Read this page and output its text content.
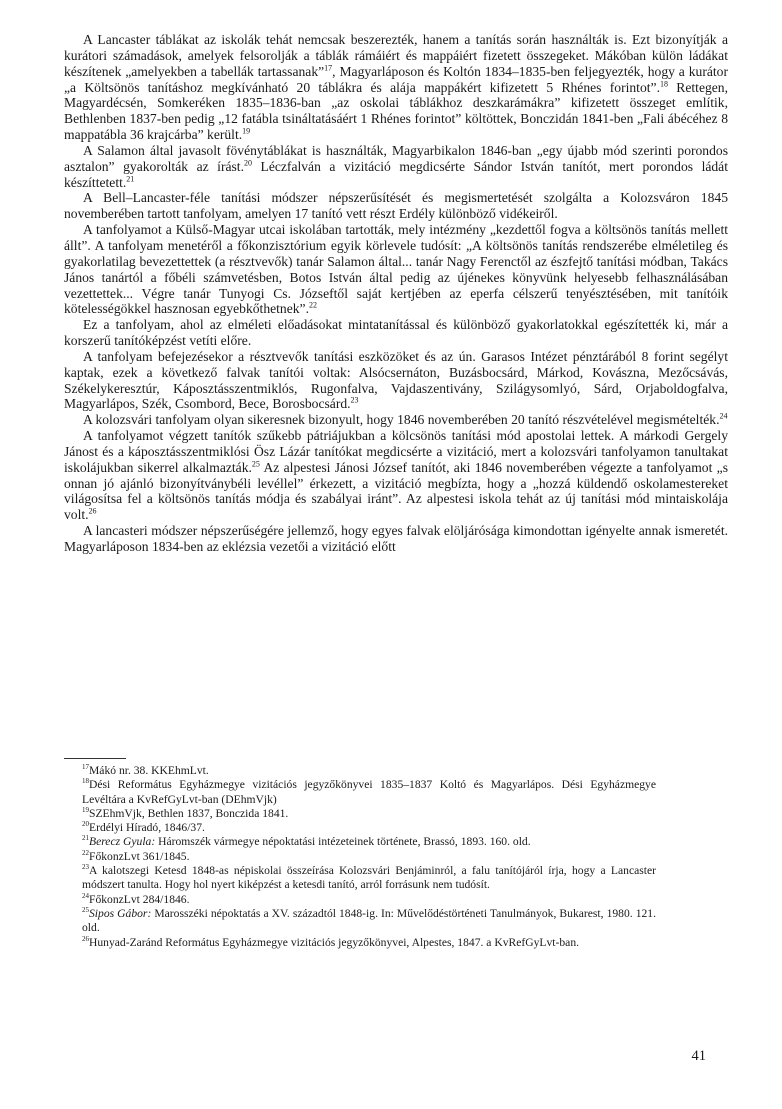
A Lancaster táblákat az iskolák tehát nemcsak beszerezték, hanem a tanítás során használták is. Ezt bizonyítják a kurátori számadások, amelyek felsorolják a táblák rámáiért és mappáiért fizetett összegeket. Mákóban külön ládákat készítenek „amelyekben a tabellák tartassanak”$^{17}$, Magyarláposon és Koltón 1834–1835-ben feljegyezték, hogy a kurátor „a Költsönös tanításhoz megkívánható 20 táblákra és alája mappákért kifizetett 5 Rhénes forintot”.$^{18}$ Rettegen, Magyardécsén, Somkeréken 1835–1836-ban „az oskolai táblákhoz deszkarámákra” kifizetett összeget említik, Bethlenben 1837-ben pedig „12 fatábla tsináltatásáért 1 Rhénes forintot” költöttek, Bonczidán 1841-ben „Fali ábécéhez 8 mappatábla 36 krajcárba” került.$^{19}$

A Salamon által javasolt fövénytáblákat is használták, Magyarbikalon 1846-ban „egy újabb mód szerinti porondos asztalon” gyakorolták az írást.$^{20}$ Léczfalván a vizitáció megdicsérte Sándor István tanítót, mert porondos ládát készíttetett.$^{21}$

A Bell–Lancaster-féle tanítási módszer népszerűsítését és megismertetését szolgálta a Kolozsváron 1845 novemberében tartott tanfolyam, amelyen 17 tanító vett részt Erdély különböző vidékeiről.

A tanfolyamot a Külső-Magyar utcai iskolában tartották, mely intézmény „kezdettől fogva a költsönös tanítás mellett állt”. A tanfolyam menetéről a főkonzisztórium egyik körlevele tudósít: „A költsönös tanítás rendszerébe elméletileg és gyakorlatilag bevezettettek (a résztvevők) tanár Salamon által... tanár Nagy Ferenctől az észfejtő tanítási módban, Takács János tanártól a főbéli számvetésben, Botos István által pedig az újénekes könyvünk helyesebb felhasználásában vezettettek... Végre tanár Tunyogi Cs. Józseftől saját kertjében az eperfa célszerű tenyésztésében, mit tanítóik kötelességökkel hasznosan egyebkőthetnek”.$^{22}$

Ez a tanfolyam, ahol az elméleti előadásokat mintatanítással és különböző gyakorlatokkal egészítették ki, már a korszerű tanítóképzést vetíti előre.

A tanfolyam befejezésekor a résztvevők tanítási eszközöket és az ún. Garasos Intézet pénztárából 8 forint segélyt kaptak, ezek a következő falvak tanítói voltak: Alsócsernáton, Buzásbocsárd, Márkod, Kovászna, Mezőcsávás, Székelykeresztúr, Káposztásszentmiklós, Rugonfalva, Vajdaszentivány, Szilágysomlyó, Sárd, Orjaboldogfalva, Magyarlápos, Szék, Csombord, Bece, Borosbocsárd.$^{23}$

A kolozsvári tanfolyam olyan sikeresnek bizonyult, hogy 1846 novemberében 20 tanító részvételével megismételték.$^{24}$

A tanfolyamot végzett tanítók szűkebb pátriájukban a kölcsönös tanítási mód apostolai lettek. A márkodi Gergely Jánost és a káposztásszentmiklósi Ösz Lázár tanítókat megdicsérte a vizitáció, mert a kolozsvári tanfolyamon tanultakat iskolájukban sikerrel alkalmazták.$^{25}$ Az alpestesi Jánosi József tanítót, aki 1846 novemberében végezte a tanfolyamot „s onnan jó ajánló bizonyítványbéli levéllel” érkezett, a vizitáció megbízta, hogy a „hozzá küldendő oskolamestereket világosítsa fel a költsönös tanítás módja és szabályai iránt”. Az alpestesi iskola tehát az új tanítási mód mintaiskolája volt.$^{26}$

A lancasteri módszer népszerűségére jellemző, hogy egyes falvak elöljárósága kimondottan igényelte annak ismeretét. Magyarláposon 1834-ben az eklézsia vezetői a vizitáció előtt

$^{17}$Mákó nr. 38. KKEhmLvt.

$^{18}$Dési Református Egyházmegye vizitációs jegyzőkönyvei 1835–1837 Koltó és Magyarlápos. Dési Egyházmegye Levéltára a KvRefGyLvt-ban (DEhmVjk)

$^{19}$SZEhmVjk, Bethlen 1837, Bonczida 1841.

$^{20}$Erdélyi Híradó, 1846/37.

$^{21}$Berecz Gyula: Háromszék vármegye népoktatási intézeteinek története, Brassó, 1893. 160. old.

$^{22}$FőkonzLvt 361/1845.

$^{23}$A kalotszegi Ketesd 1848-as népiskolai összeírása Kolozsvári Benjáminról, a falu tanítójáról írja, hogy a Lancaster módszert tanulta. Hogy hol nyert kiképzést a ketesdi tanító, arról forrásunk nem tudósít.

$^{24}$FőkonzLvt 284/1846.

$^{25}$Sipos Gábor: Marosszéki népoktatás a XV. századtól 1848-ig. In: Művelődéstörténeti Tanulmányok, Bukarest, 1980. 121. old.

$^{26}$Hunyad-Zaránd Református Egyházmegye vizitációs jegyzőkönyvei, Alpestes, 1847. a KvRefGyLvt-ban.

41
